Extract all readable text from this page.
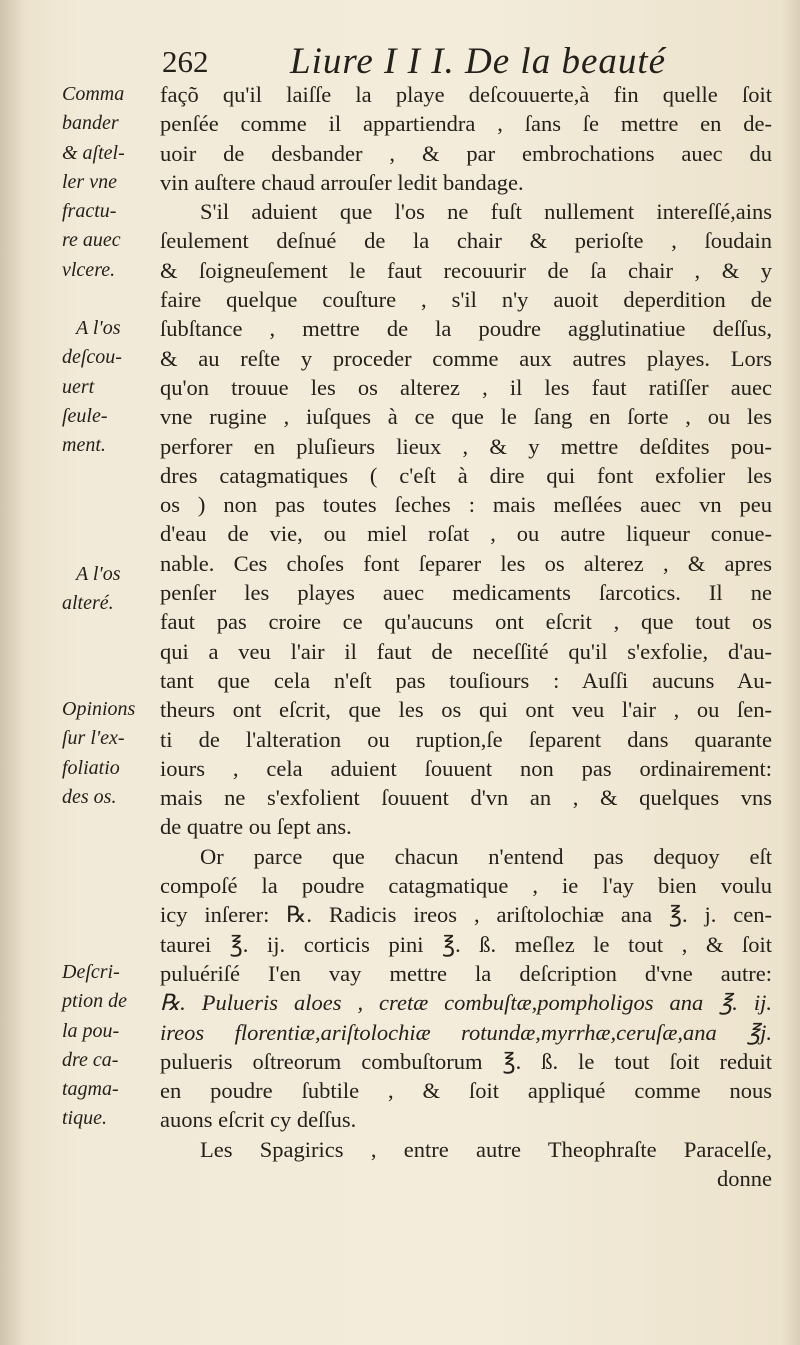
262 Liure I I I. De la beauté
façõ qu'il laiſſe la playe deſcouuerte,à fin quelle ſoit
penſée comme il appartiendra , ſans ſe mettre en de-
uoir de desbander , & par embrochations auec du
vin auſtere chaud arrouſer ledit bandage.
S'il aduient que l'os ne fuſt nullement intereſſé,ains
ſeulement deſnué de la chair & perioſte , ſoudain
& ſoigneuſement le faut recouurir de ſa chair , & y
faire quelque couſture , s'il n'y auoit deperdition de
ſubſtance , mettre de la poudre agglutinatiue deſſus,
& au reſte y proceder comme aux autres playes. Lors
qu'on trouue les os alterez , il les faut ratiſſer auec
vne rugine , iuſques à ce que le ſang en ſorte , ou les
perforer en pluſieurs lieux , & y mettre deſdites pou-
dres catagmatiques ( c'eſt à dire qui font exfolier les
os ) non pas toutes ſeches : mais meſlées auec vn peu
d'eau de vie, ou miel roſat , ou autre liqueur conue-
nable. Ces choſes font ſeparer les os alterez , & apres
penſer les playes auec medicaments ſarcotics. Il ne
faut pas croire ce qu'aucuns ont eſcrit , que tout os
qui a veu l'air il faut de neceſſité qu'il s'exfolie, d'au-
tant que cela n'eſt pas touſiours : Auſſi aucuns Au-
theurs ont eſcrit, que les os qui ont veu l'air , ou ſen-
ti de l'alteration ou ruption,ſe ſeparent dans quarante
iours , cela aduient ſouuent non pas ordinairement:
mais ne s'exfolient ſouuent d'vn an , & quelques vns
de quatre ou ſept ans.
Or parce que chacun n'entend pas dequoy eſt
compoſé la poudre catagmatique , ie l'ay bien voulu
icy inſerer: ℞. Radicis ireos , ariſtolochiæ ana ℥. j. cen-
taurei ℥. ij. corticis pini ℥. ß. meſlez le tout , & ſoit
puluériſé I'en vay mettre la deſcription d'vne autre:
℞. Pulueris aloes , cretæ combuſtæ,pompholigos ana ℥. ij.
ireos florentiæ,ariſtolochiæ rotundæ,myrrhæ,ceruſæ,ana ℥j.
pulueris oſtreorum combuſtorum ℥. ß. le tout ſoit reduit
en poudre ſubtile , & ſoit appliqué comme nous
auons eſcrit cy deſſus.
Les Spagirics , entre autre Theophraſte Paracelſe,
donne
Comma
bander
& aſtel-
ler vne
fractu-
re auec
vlcere.
A l'os
deſcou-
uert
ſeule-
ment.
A l'os
alteré.
Opinions
ſur l'ex-
foliatio
des os.
Deſcri-
ption de
la pou-
dre ca-
tagma-
tique.
